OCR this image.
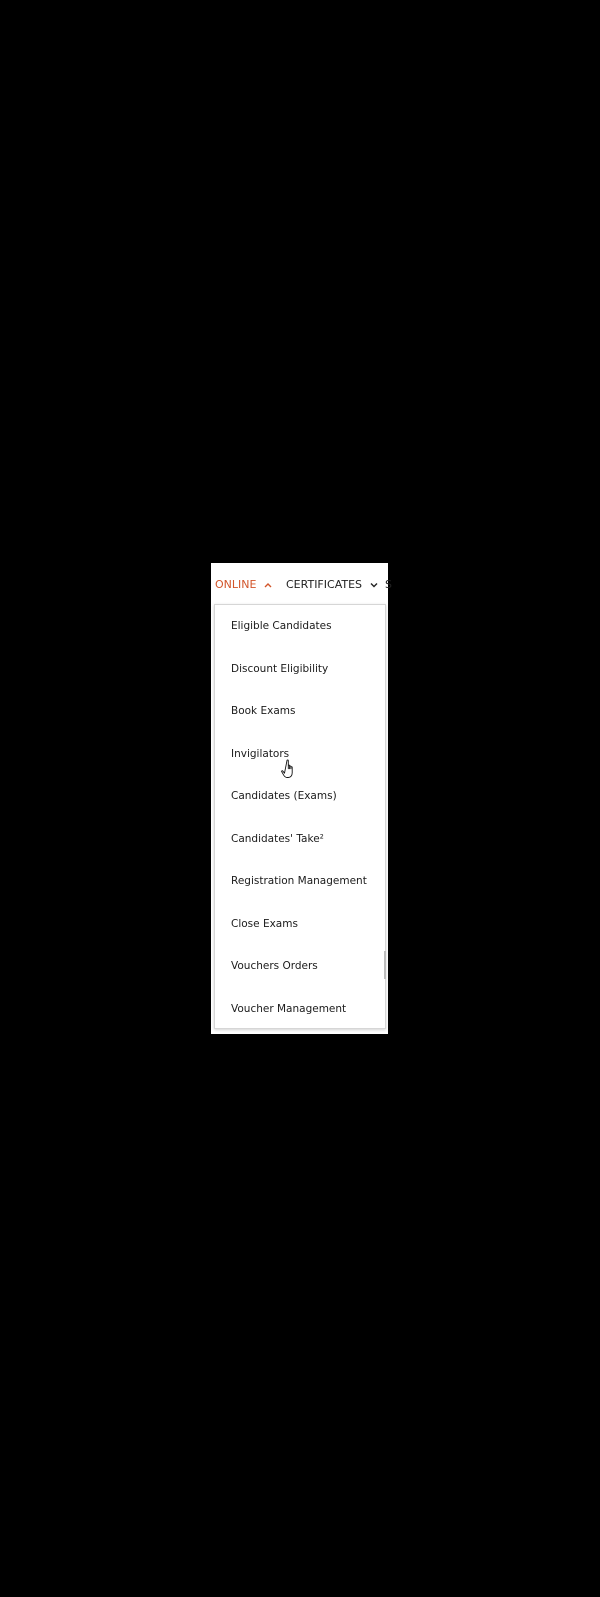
ONLINE	CERTIFICATES S
Eligible Candidates
Discount Eligibility
Book Exams
Invigilators
Candidates (Exams)
Candidates' Take²
Registration Management
Close Exams
Vouchers Orders
Voucher Management
